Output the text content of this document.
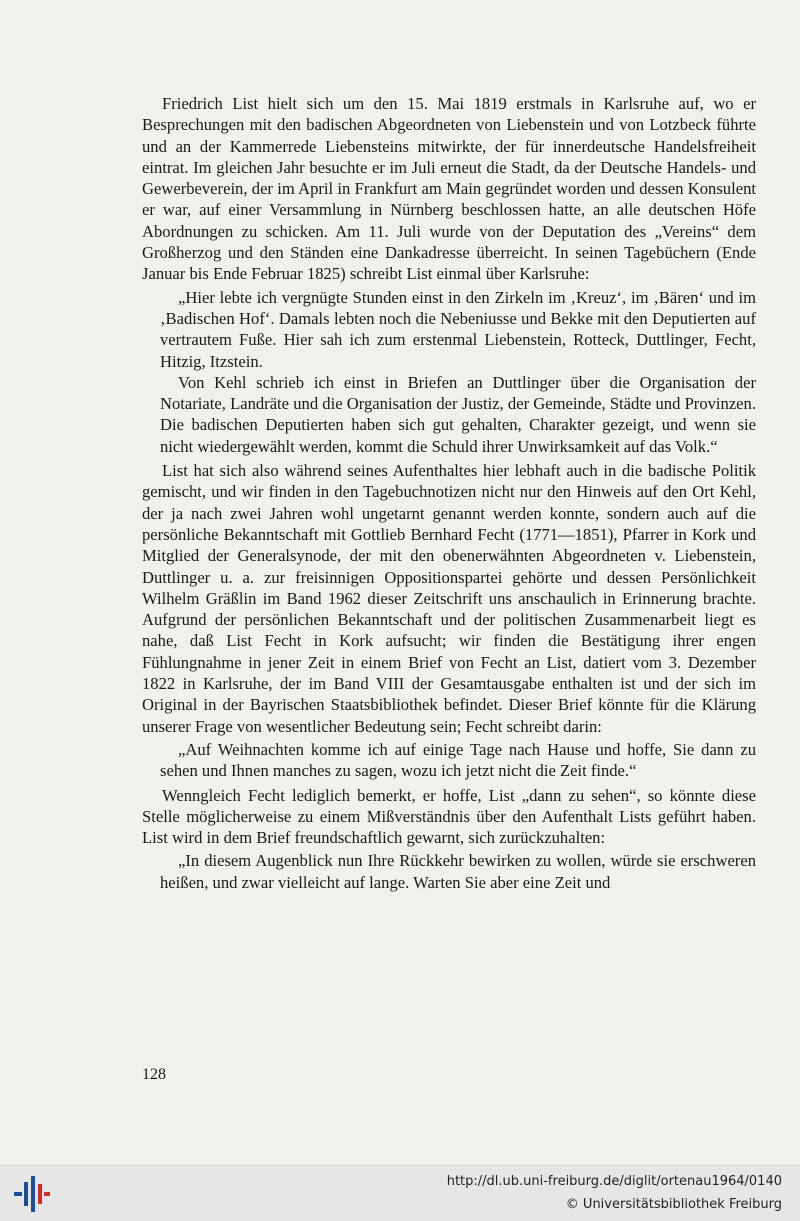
Friedrich List hielt sich um den 15. Mai 1819 erstmals in Karlsruhe auf, wo er Besprechungen mit den badischen Abgeordneten von Liebenstein und von Lotzbeck führte und an der Kammerrede Liebensteins mitwirkte, der für innerdeutsche Handelsfreiheit eintrat. Im gleichen Jahr besuchte er im Juli erneut die Stadt, da der Deutsche Handels- und Gewerbeverein, der im April in Frankfurt am Main gegründet worden und dessen Konsulent er war, auf einer Versammlung in Nürnberg beschlossen hatte, an alle deutschen Höfe Abordnungen zu schicken. Am 11. Juli wurde von der Deputation des „Vereins“ dem Großherzog und den Ständen eine Dankadresse überreicht. In seinen Tagebüchern (Ende Januar bis Ende Februar 1825) schreibt List einmal über Karlsruhe:

„Hier lebte ich vergnügte Stunden einst in den Zirkeln im ‚Kreuz‘, im ‚Bären‘ und im ‚Badischen Hof‘. Damals lebten noch die Nebeniusse und Bekke mit den Deputierten auf vertrautem Fuße. Hier sah ich zum erstenmal Liebenstein, Rotteck, Duttlinger, Fecht, Hitzig, Itzstein.

Von Kehl schrieb ich einst in Briefen an Duttlinger über die Organisation der Notariate, Landräte und die Organisation der Justiz, der Gemeinde, Städte und Provinzen. Die badischen Deputierten haben sich gut gehalten, Charakter gezeigt, und wenn sie nicht wiedergewählt werden, kommt die Schuld ihrer Unwirksamkeit auf das Volk.“

List hat sich also während seines Aufenthaltes hier lebhaft auch in die badische Politik gemischt, und wir finden in den Tagebuchnotizen nicht nur den Hinweis auf den Ort Kehl, der ja nach zwei Jahren wohl ungetarnt genannt werden konnte, sondern auch auf die persönliche Bekanntschaft mit Gottlieb Bernhard Fecht (1771—1851), Pfarrer in Kork und Mitglied der Generalsynode, der mit den obenerwähnten Abgeordneten v. Liebenstein, Duttlinger u. a. zur freisinnigen Oppositionspartei gehörte und dessen Persönlichkeit Wilhelm Gräßlin im Band 1962 dieser Zeitschrift uns anschaulich in Erinnerung brachte. Aufgrund der persönlichen Bekanntschaft und der politischen Zusammenarbeit liegt es nahe, daß List Fecht in Kork aufsucht; wir finden die Bestätigung ihrer engen Fühlungnahme in jener Zeit in einem Brief von Fecht an List, datiert vom 3. Dezember 1822 in Karlsruhe, der im Band VIII der Gesamtausgabe enthalten ist und der sich im Original in der Bayrischen Staatsbibliothek befindet. Dieser Brief könnte für die Klärung unserer Frage von wesentlicher Bedeutung sein; Fecht schreibt darin:

„Auf Weihnachten komme ich auf einige Tage nach Hause und hoffe, Sie dann zu sehen und Ihnen manches zu sagen, wozu ich jetzt nicht die Zeit finde.“

Wenngleich Fecht lediglich bemerkt, er hoffe, List „dann zu sehen“, so könnte diese Stelle möglicherweise zu einem Mißverständnis über den Aufenthalt Lists geführt haben. List wird in dem Brief freundschaftlich gewarnt, sich zurückzuhalten:

„In diesem Augenblick nun Ihre Rückkehr bewirken zu wollen, würde sie erschweren heißen, und zwar vielleicht auf lange. Warten Sie aber eine Zeit und

128
http://dl.ub.uni-freiburg.de/diglit/ortenau1964/0140
© Universitätsbibliothek Freiburg
